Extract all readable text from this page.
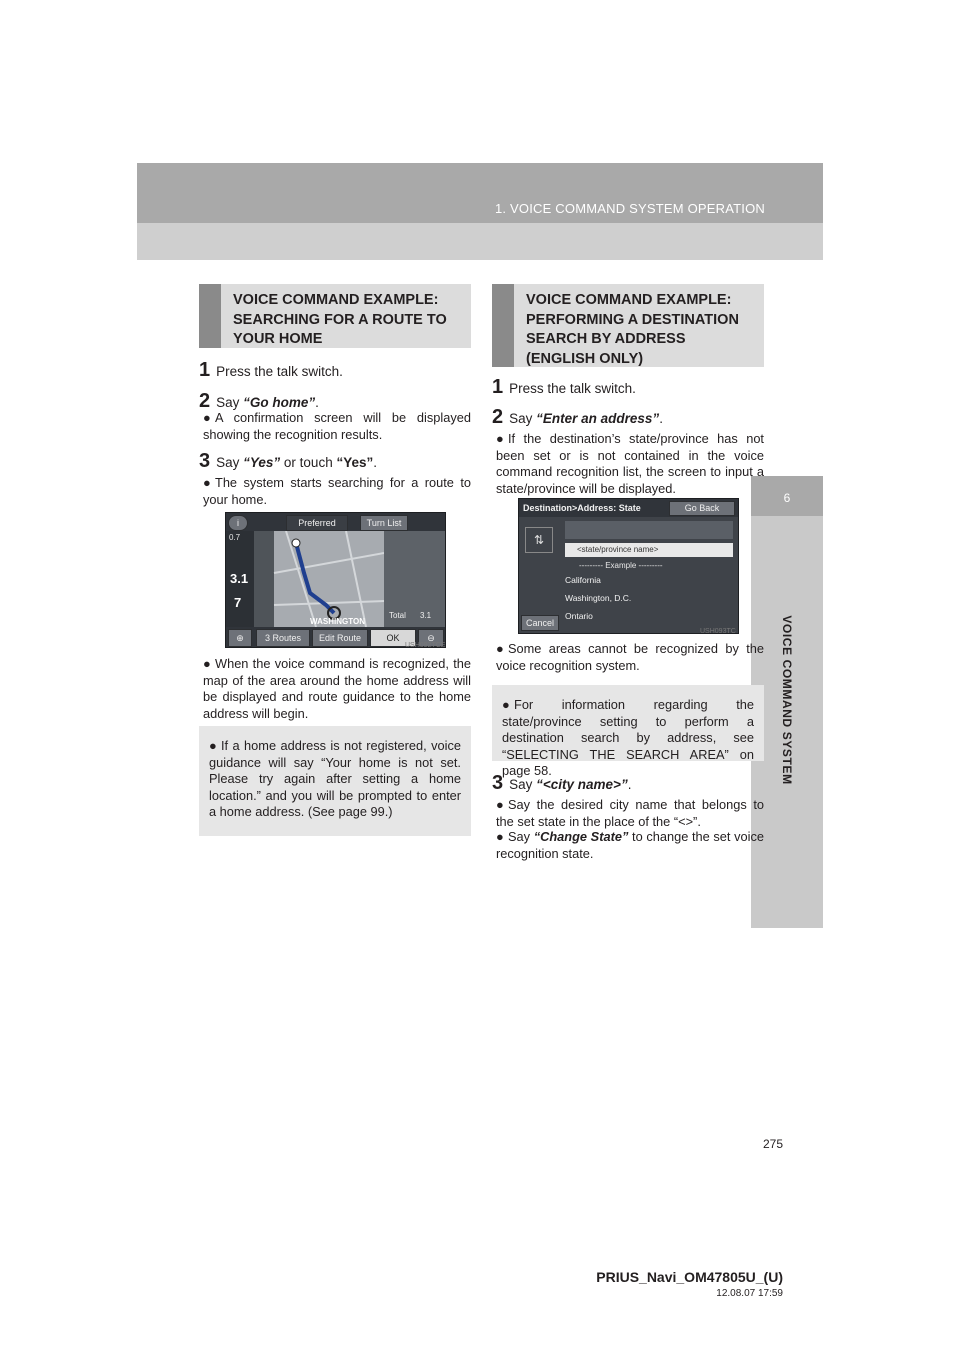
1. VOICE COMMAND SYSTEM OPERATION
6
VOICE COMMAND SYSTEM
VOICE COMMAND EXAMPLE:
SEARCHING FOR A ROUTE TO
YOUR HOME
1 Press the talk switch.
2 Say “Go home”.
● A confirmation screen will be displayed showing the recognition results.
3 Say “Yes” or touch “Yes”.
● The system starts searching for a route to your home.
i	Preferred	Turn List
0.7
3.1
7
Total 3.1
WASHINGTON
⊕	3 Routes	Edit Route	OK	⊖
USH092TCE
● When the voice command is recognized, the map of the area around the home address will be displayed and route guidance to the home address will begin.
● If a home address is not registered, voice guidance will say “Your home is not set. Please try again after setting a home location.” and you will be prompted to enter a home address. (See page 99.)
VOICE COMMAND EXAMPLE:
PERFORMING A DESTINATION
SEARCH BY ADDRESS
(ENGLISH ONLY)
1 Press the talk switch.
2 Say “Enter an address”.
● If the destination’s state/province has not been set or is not contained in the voice command recognition list, the screen to input a state/province will be displayed.
Destination>Address: State	Go Back
⇅
<state/province name>
--------- Example ---------
California
Washington, D.C.
Ontario
Cancel
USH093TC
● Some areas cannot be recognized by the voice recognition system.
● For information regarding the state/province setting to perform a destination search by address, see “SELECTING THE SEARCH AREA” on page 58.
3 Say “<city name>”.
● Say the desired city name that belongs to the set state in the place of the “<>”.
● Say “Change State” to change the set voice recognition state.
275
PRIUS_Navi_OM47805U_(U)
12.08.07 17:59
